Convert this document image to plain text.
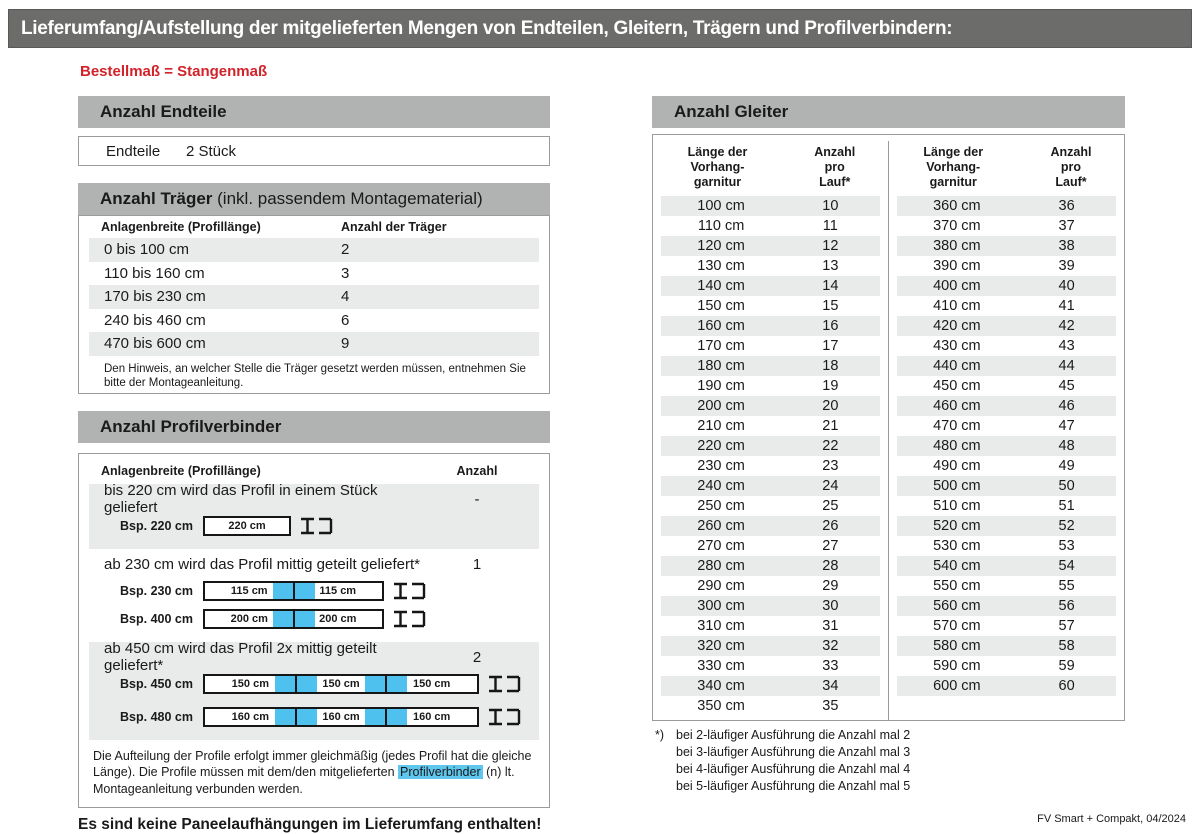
Lieferumfang/Aufstellung der mitgelieferten Mengen von Endteilen, Gleitern, Trägern und Profilverbindern:
Bestellmaß = Stangenmaß
Anzahl Endteile
Endteile	2 Stück
Anzahl Träger (inkl. passendem Montagematerial)
Anlagenbreite (Profillänge)	Anzahl der Träger
0 bis 100 cm	2
110 bis 160 cm	3
170 bis 230 cm	4
240 bis 460 cm	6
470 bis 600 cm	9
Den Hinweis, an welcher Stelle die Träger gesetzt werden müssen, entnehmen Sie bitte der Montageanleitung.
Anzahl Profilverbinder
Anlagenbreite (Profillänge)	Anzahl
bis 220 cm wird das Profil in einem Stück geliefert	-
Bsp. 220 cm	220 cm
ab 230 cm wird das Profil mittig geteilt geliefert*	1
Bsp. 230 cm	115 cm	115 cm
Bsp. 400 cm	200 cm	200 cm
ab 450 cm wird das Profil 2x mittig geteilt geliefert*	2
Bsp. 450 cm	150 cm	150 cm	150 cm
Bsp. 480 cm	160 cm	160 cm	160 cm
Die Aufteilung der Profile erfolgt immer gleichmäßig (jedes Profil hat die gleiche Länge). Die Profile müssen mit dem/den mitgelieferten Profilverbinder (n) lt. Montageanleitung verbunden werden.
Es sind keine Paneelaufhängungen im Lieferumfang enthalten!
Anzahl Gleiter
Länge der
Vorhang-
garnitur
Anzahl
pro
Lauf*
100 cm	10
110 cm	11
120 cm	12
130 cm	13
140 cm	14
150 cm	15
160 cm	16
170 cm	17
180 cm	18
190 cm	19
200 cm	20
210 cm	21
220 cm	22
230 cm	23
240 cm	24
250 cm	25
260 cm	26
270 cm	27
280 cm	28
290 cm	29
300 cm	30
310 cm	31
320 cm	32
330 cm	33
340 cm	34
350 cm	35
Länge der
Vorhang-
garnitur
Anzahl
pro
Lauf*
360 cm	36
370 cm	37
380 cm	38
390 cm	39
400 cm	40
410 cm	41
420 cm	42
430 cm	43
440 cm	44
450 cm	45
460 cm	46
470 cm	47
480 cm	48
490 cm	49
500 cm	50
510 cm	51
520 cm	52
530 cm	53
540 cm	54
550 cm	55
560 cm	56
570 cm	57
580 cm	58
590 cm	59
600 cm	60
*) bei 2-läufiger Ausführung die Anzahl mal 2
bei 3-läufiger Ausführung die Anzahl mal 3
bei 4-läufiger Ausführung die Anzahl mal 4
bei 5-läufiger Ausführung die Anzahl mal 5
FV Smart + Compakt, 04/2024
